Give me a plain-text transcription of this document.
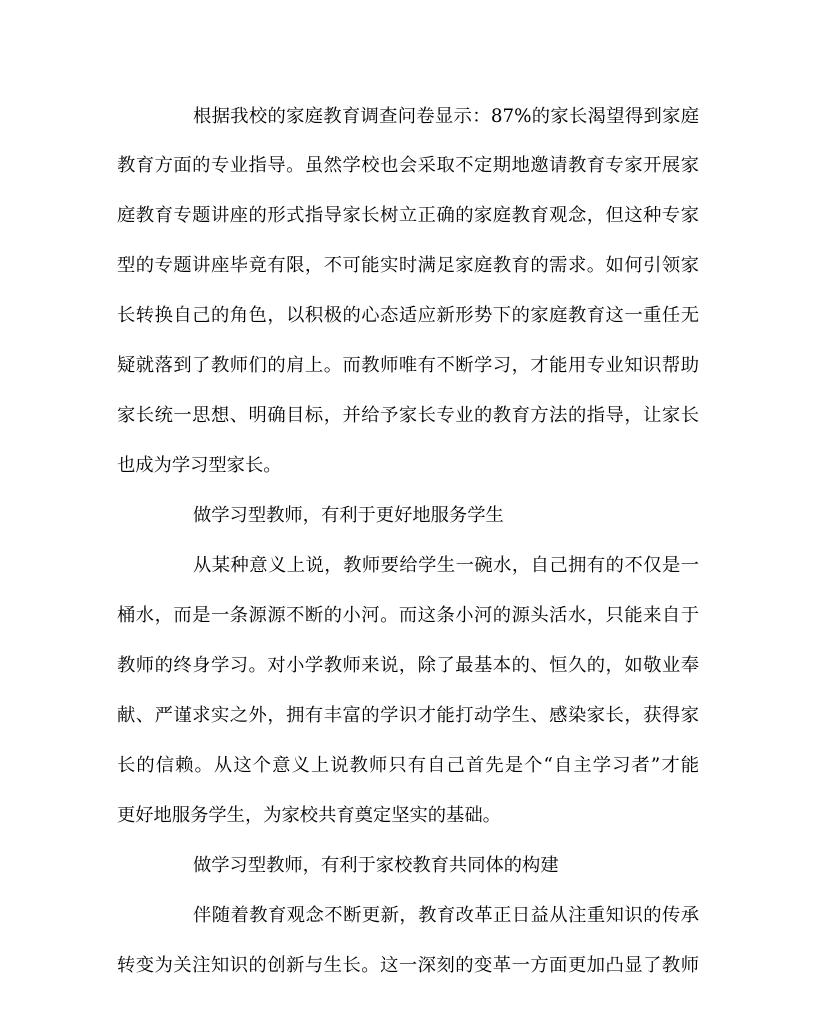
根据我校的家庭教育调查问卷显示：87%的家长渴望得到家庭
教育方面的专业指导。虽然学校也会采取不定期地邀请教育专家开展家
庭教育专题讲座的形式指导家长树立正确的家庭教育观念，但这种专家
型的专题讲座毕竟有限，不可能实时满足家庭教育的需求。如何引领家
长转换自己的角色，以积极的心态适应新形势下的家庭教育这一重任无
疑就落到了教师们的肩上。而教师唯有不断学习，才能用专业知识帮助
家长统一思想、明确目标，并给予家长专业的教育方法的指导，让家长
也成为学习型家长。
做学习型教师，有利于更好地服务学生
从某种意义上说，教师要给学生一碗水，自己拥有的不仅是一
桶水，而是一条源源不断的小河。而这条小河的源头活水，只能来自于
教师的终身学习。对小学教师来说，除了最基本的、恒久的，如敬业奉
献、严谨求实之外，拥有丰富的学识才能打动学生、感染家长，获得家
长的信赖。从这个意义上说教师只有自己首先是个“自主学习者”才能
更好地服务学生，为家校共育奠定坚实的基础。
做学习型教师，有利于家校教育共同体的构建
伴随着教育观念不断更新，教育改革正日益从注重知识的传承
转变为关注知识的创新与生长。这一深刻的变革一方面更加凸显了教师
